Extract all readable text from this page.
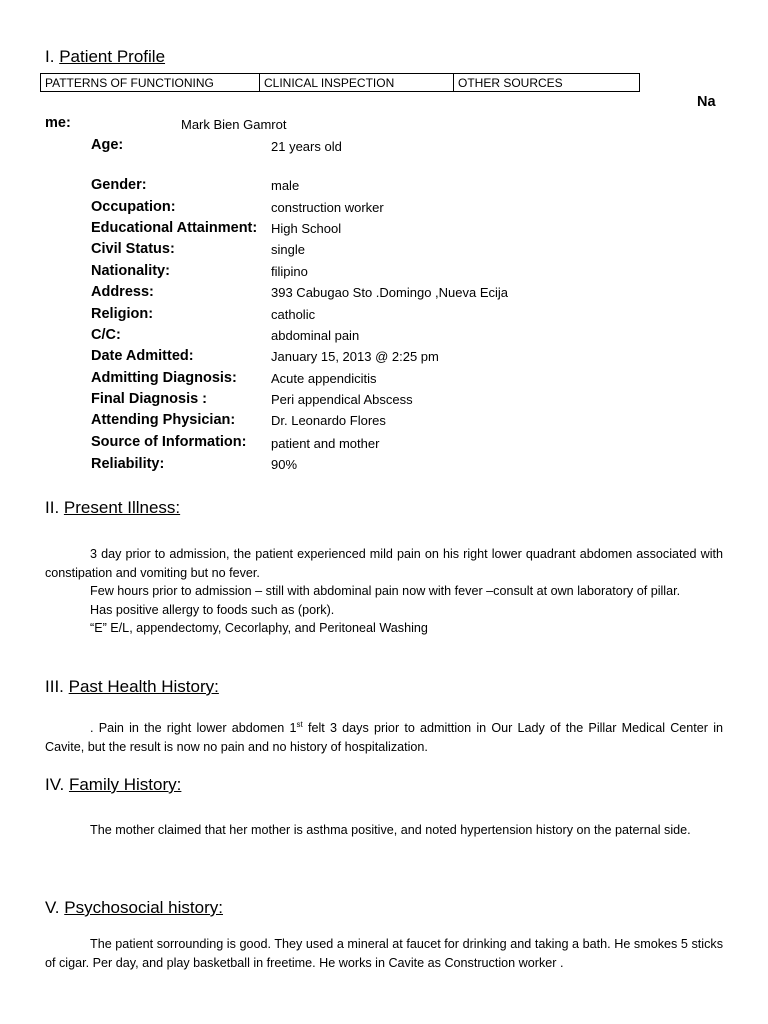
I. Patient Profile
PATTERNS OF FUNCTIONING	CLINICAL INSPECTION	OTHER SOURCES
Na
me:	Mark Bien Gamrot
Age:	21 years old
Gender:	male
Occupation:	construction worker
Educational Attainment: High School
Civil Status:	single
Nationality:	filipino
Address:	393 Cabugao Sto .Domingo ,Nueva Ecija
Religion:	catholic
C/C:	abdominal pain
Date Admitted:	January 15, 2013 @ 2:25 pm
Admitting Diagnosis:	Acute appendicitis
Final Diagnosis :	Peri appendical Abscess
Attending Physician:	Dr. Leonardo Flores
Source of Information: patient and mother
Reliability:	90%
II. Present Illness:

3 day prior to admission, the patient experienced mild pain on his right lower quadrant abdomen associated with constipation and vomiting but no fever.

Few hours prior to admission – still with abdominal pain now with fever –consult at own laboratory of pillar.

Has positive allergy to foods such as (pork).

“E” E/L, appendectomy, Cecorlaphy, and Peritoneal Washing

III. Past Health History:

. Pain in the right lower abdomen 1st felt 3 days prior to admittion in Our Lady of the Pillar Medical Center in Cavite, but the result is now no pain and no history of hospitalization.

IV. Family History:

The mother claimed that her mother is asthma positive, and noted hypertension history on the paternal side.

V. Psychosocial history:

The patient sorrounding is good. They used a mineral at faucet for drinking and taking a bath. He smokes 5 sticks of cigar. Per day, and play basketball in freetime. He works in Cavite as Construction worker .
